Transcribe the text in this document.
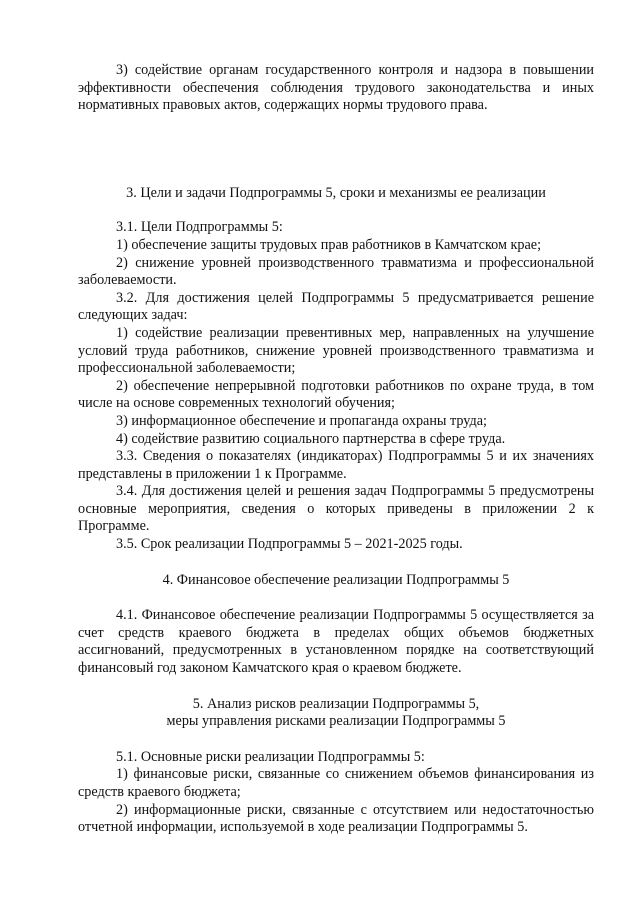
3) содействие органам государственного контроля и надзора в повышении эффективности обеспечения соблюдения трудового законодательства и иных нормативных правовых актов, содержащих нормы трудового права.

3. Цели и задачи Подпрограммы 5, сроки и механизмы ее реализации

3.1. Цели Подпрограммы 5:

1) обеспечение защиты трудовых прав работников в Камчатском крае;

2) снижение уровней производственного травматизма и профессиональной заболеваемости.

3.2. Для достижения целей Подпрограммы 5 предусматривается решение следующих задач:

1) содействие реализации превентивных мер, направленных на улучшение условий труда работников, снижение уровней производственного травматизма и профессиональной заболеваемости;

2) обеспечение непрерывной подготовки работников по охране труда, в том числе на основе современных технологий обучения;

3) информационное обеспечение и пропаганда охраны труда;

4) содействие развитию социального партнерства в сфере труда.

3.3. Сведения о показателях (индикаторах) Подпрограммы 5 и их значениях представлены в приложении 1 к Программе.

3.4. Для достижения целей и решения задач Подпрограммы 5 предусмотрены основные мероприятия, сведения о которых приведены в приложении 2 к Программе.

3.5. Срок реализации Подпрограммы 5 – 2021-2025 годы.

4. Финансовое обеспечение реализации Подпрограммы 5

4.1. Финансовое обеспечение реализации Подпрограммы 5 осуществляется за счет средств краевого бюджета в пределах общих объемов бюджетных ассигнований, предусмотренных в установленном порядке на соответствующий финансовый год законом Камчатского края о краевом бюджете.

5. Анализ рисков реализации Подпрограммы 5,

меры управления рисками реализации Подпрограммы 5

5.1. Основные риски реализации Подпрограммы 5:

1) финансовые риски, связанные со снижением объемов финансирования из средств краевого бюджета;

2) информационные риски, связанные с отсутствием или недостаточностью отчетной информации, используемой в ходе реализации Подпрограммы 5.
